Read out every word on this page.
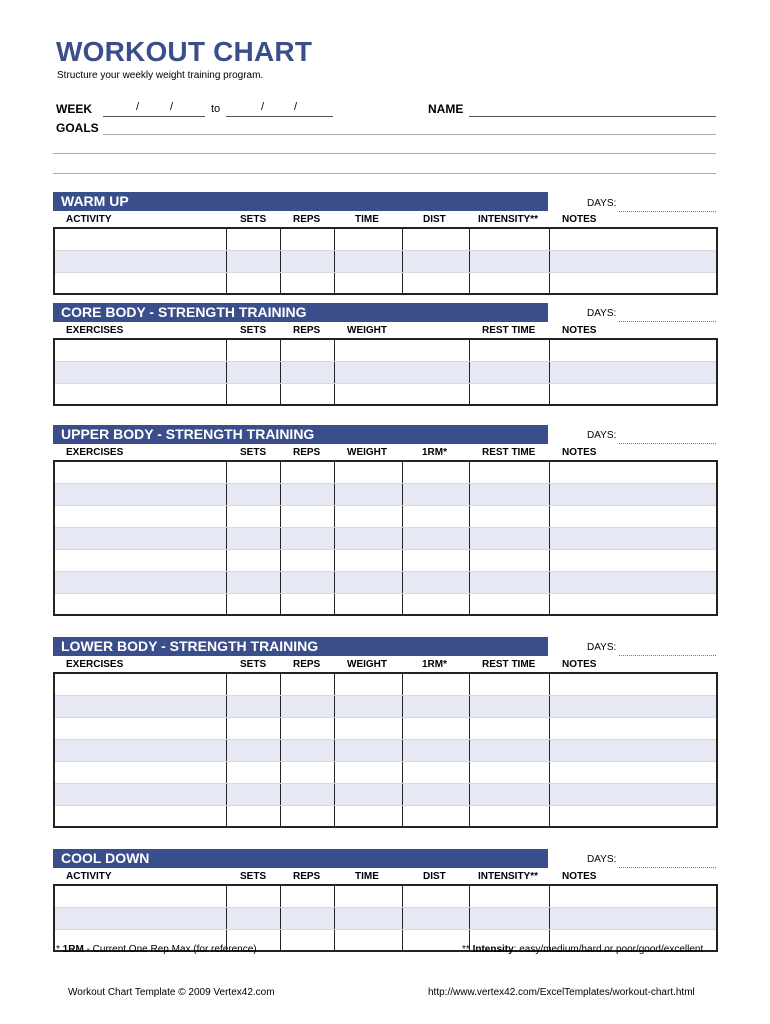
WORKOUT CHART
Structure your weekly weight training program.
WEEK	/	/	to	/	/	NAME
GOALS
WARM UP	DAYS:
ACTIVITY	SETS	REPS	TIME	DIST	INTENSITY** NOTES

CORE BODY - STRENGTH TRAINING	DAYS:
EXERCISES	SETS	REPS	WEIGHT	REST TIME	NOTES

UPPER BODY - STRENGTH TRAINING	DAYS:
EXERCISES	SETS	REPS	WEIGHT	1RM*	REST TIME	NOTES

LOWER BODY - STRENGTH TRAINING	DAYS:
EXERCISES	SETS	REPS	WEIGHT	1RM*	REST TIME	NOTES

COOL DOWN	DAYS:
ACTIVITY	SETS	REPS	TIME	DIST	INTENSITY** NOTES

* 1RM - Current One Rep Max (for reference)	** Intensity: easy/medium/hard or poor/good/excellent
Workout Chart Template © 2009 Vertex42.com	http://www.vertex42.com/ExcelTemplates/workout-chart.html
